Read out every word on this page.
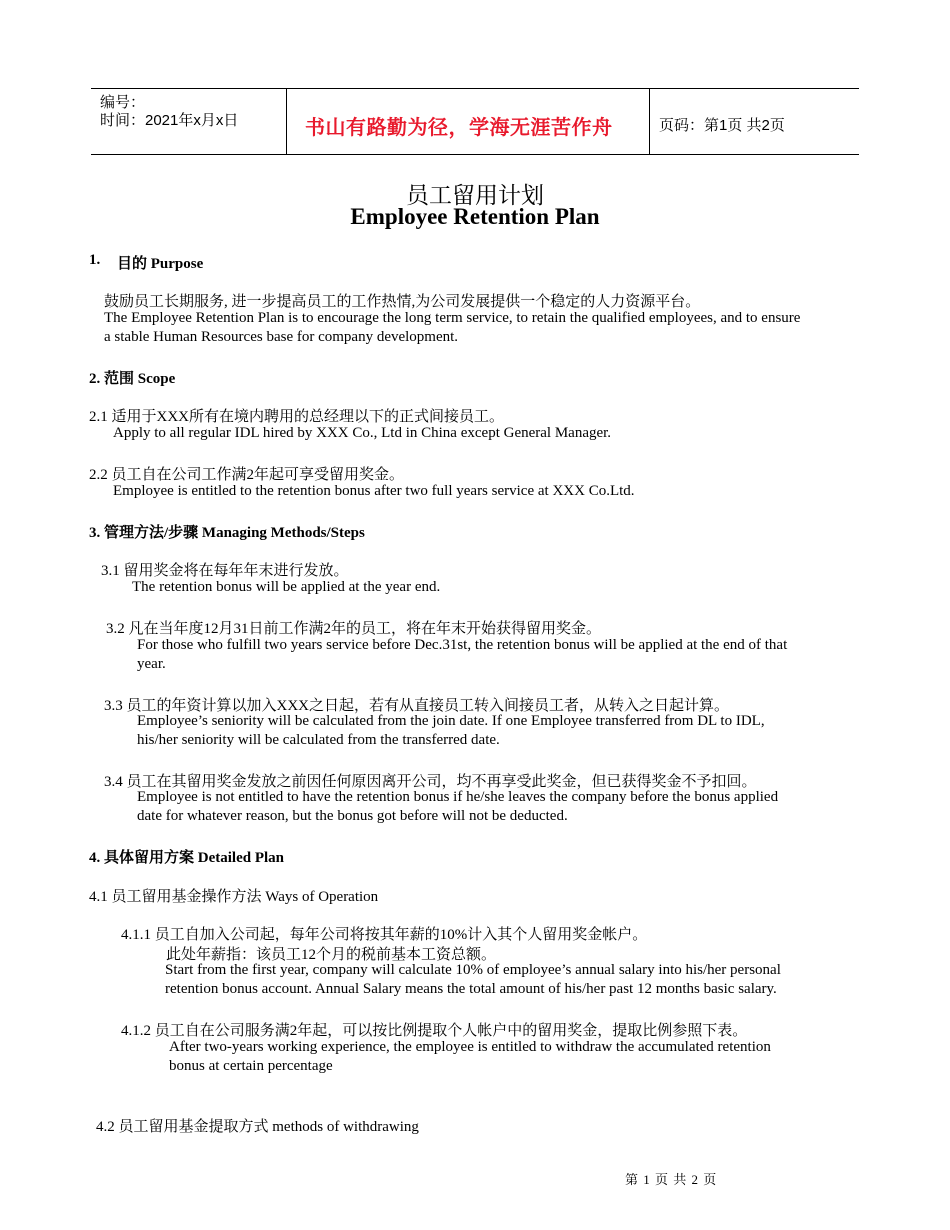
编号：
时间：2021年x月x日	书山有路勤为径，学海无涯苦作舟	页码：第1页 共2页
员工留用计划
Employee Retention Plan
1. 目的 Purpose
鼓励员工长期服务, 进一步提高员工的工作热情,为公司发展提供一个稳定的人力资源平台。
The Employee Retention Plan is to encourage the long term service, to retain the qualified employees, and to ensure
a stable Human Resources base for company development.
2. 范围 Scope
2.1 适用于XXX所有在境内聘用的总经理以下的正式间接员工。
Apply to all regular IDL hired by XXX Co., Ltd in China except General Manager.
2.2 员工自在公司工作满2年起可享受留用奖金。
Employee is entitled to the retention bonus after two full years service at XXX Co.Ltd.
3. 管理方法/步骤 Managing Methods/Steps
3.1 留用奖金将在每年年末进行发放。
The retention bonus will be applied at the year end.
3.2 凡在当年度12月31日前工作满2年的员工，将在年末开始获得留用奖金。
For those who fulfill two years service before Dec.31st, the retention bonus will be applied at the end of that
year.
3.3 员工的年资计算以加入XXX之日起，若有从直接员工转入间接员工者，从转入之日起计算。
Employee’s seniority will be calculated from the join date. If one Employee transferred from DL to IDL,
his/her seniority will be calculated from the transferred date.
3.4 员工在其留用奖金发放之前因任何原因离开公司，均不再享受此奖金，但已获得奖金不予扣回。
Employee is not entitled to have the retention bonus if he/she leaves the company before the bonus applied
date for whatever reason, but the bonus got before will not be deducted.
4. 具体留用方案 Detailed Plan
4.1 员工留用基金操作方法 Ways of Operation
4.1.1 员工自加入公司起，每年公司将按其年薪的10%计入其个人留用奖金帐户。
此处年薪指：该员工12个月的税前基本工资总额。
Start from the first year, company will calculate 10% of employee’s annual salary into his/her personal
retention bonus account. Annual Salary means the total amount of his/her past 12 months basic salary.
4.1.2 员工自在公司服务满2年起，可以按比例提取个人帐户中的留用奖金，提取比例参照下表。
After two-years working experience, the employee is entitled to withdraw the accumulated retention
bonus at certain percentage
4.2 员工留用基金提取方式 methods of withdrawing
第 1 页 共 2 页
